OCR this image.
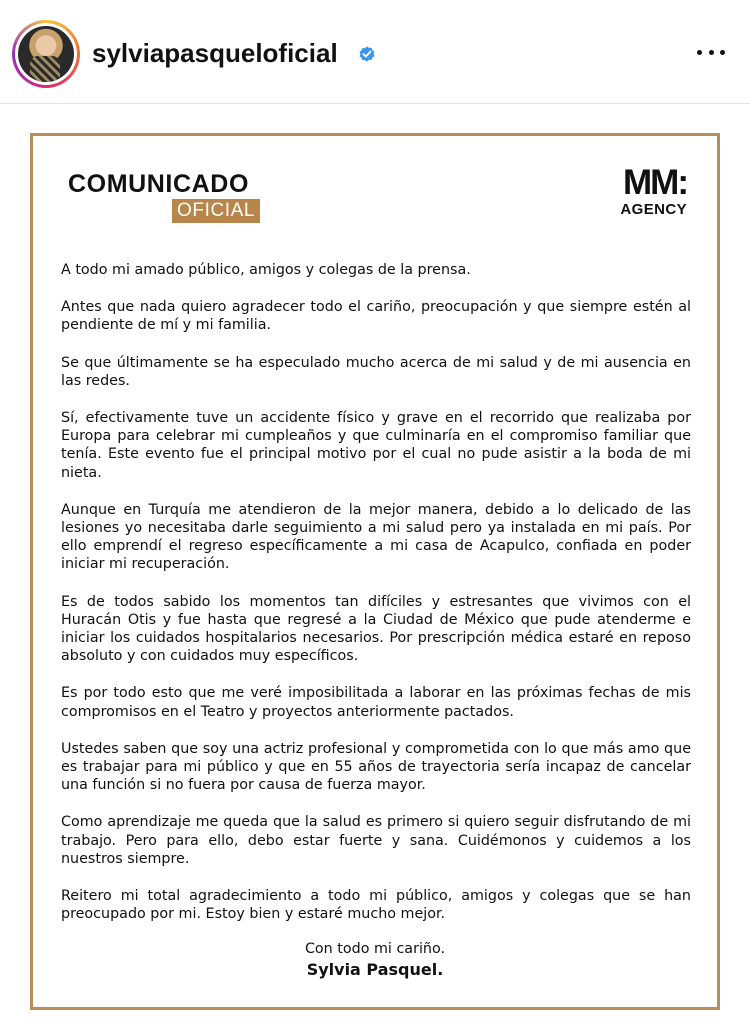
sylviapasqueloficial
COMUNICADO
OFICIAL
MM:
AGENCY

A todo mi amado público, amigos y colegas de la prensa.

Antes que nada quiero agradecer todo el cariño, preocupación y que siempre estén al pendiente de mí y mi familia.

Se que últimamente se ha especulado mucho acerca de mi salud y de mi ausencia en las redes.

Sí, efectivamente tuve un accidente físico y grave en el recorrido que realizaba por Europa para celebrar mi cumpleaños y que culminaría en el compromiso familiar que tenía. Este evento fue el principal motivo por el cual no pude asistir a la boda de mi nieta.

Aunque en Turquía me atendieron de la mejor manera, debido a lo delicado de las lesiones yo necesitaba darle seguimiento a mi salud pero ya instalada en mi país. Por ello emprendí el regreso específicamente a mi casa de Acapulco, confiada en poder iniciar mi recuperación.

Es de todos sabido los momentos tan difíciles y estresantes que vivimos con el Huracán Otis y fue hasta que regresé a la Ciudad de México que pude atenderme e iniciar los cuidados hospitalarios necesarios. Por prescripción médica estaré en reposo absoluto y con cuidados muy específicos.

Es por todo esto que me veré imposibilitada a laborar en las próximas fechas de mis compromisos en el Teatro y proyectos anteriormente pactados.

Ustedes saben que soy una actriz profesional y comprometida con lo que más amo que es trabajar para mi público y que en 55 años de trayectoria sería incapaz de cancelar una función si no fuera por causa de fuerza mayor.

Como aprendizaje me queda que la salud es primero si quiero seguir disfrutando de mi trabajo. Pero para ello, debo estar fuerte y sana. Cuidémonos y cuidemos a los nuestros siempre.

Reitero mi total agradecimiento a todo mi público, amigos y colegas que se han preocupado por mi. Estoy bien y estaré mucho mejor.

Con todo mi cariño.
Sylvia Pasquel.
